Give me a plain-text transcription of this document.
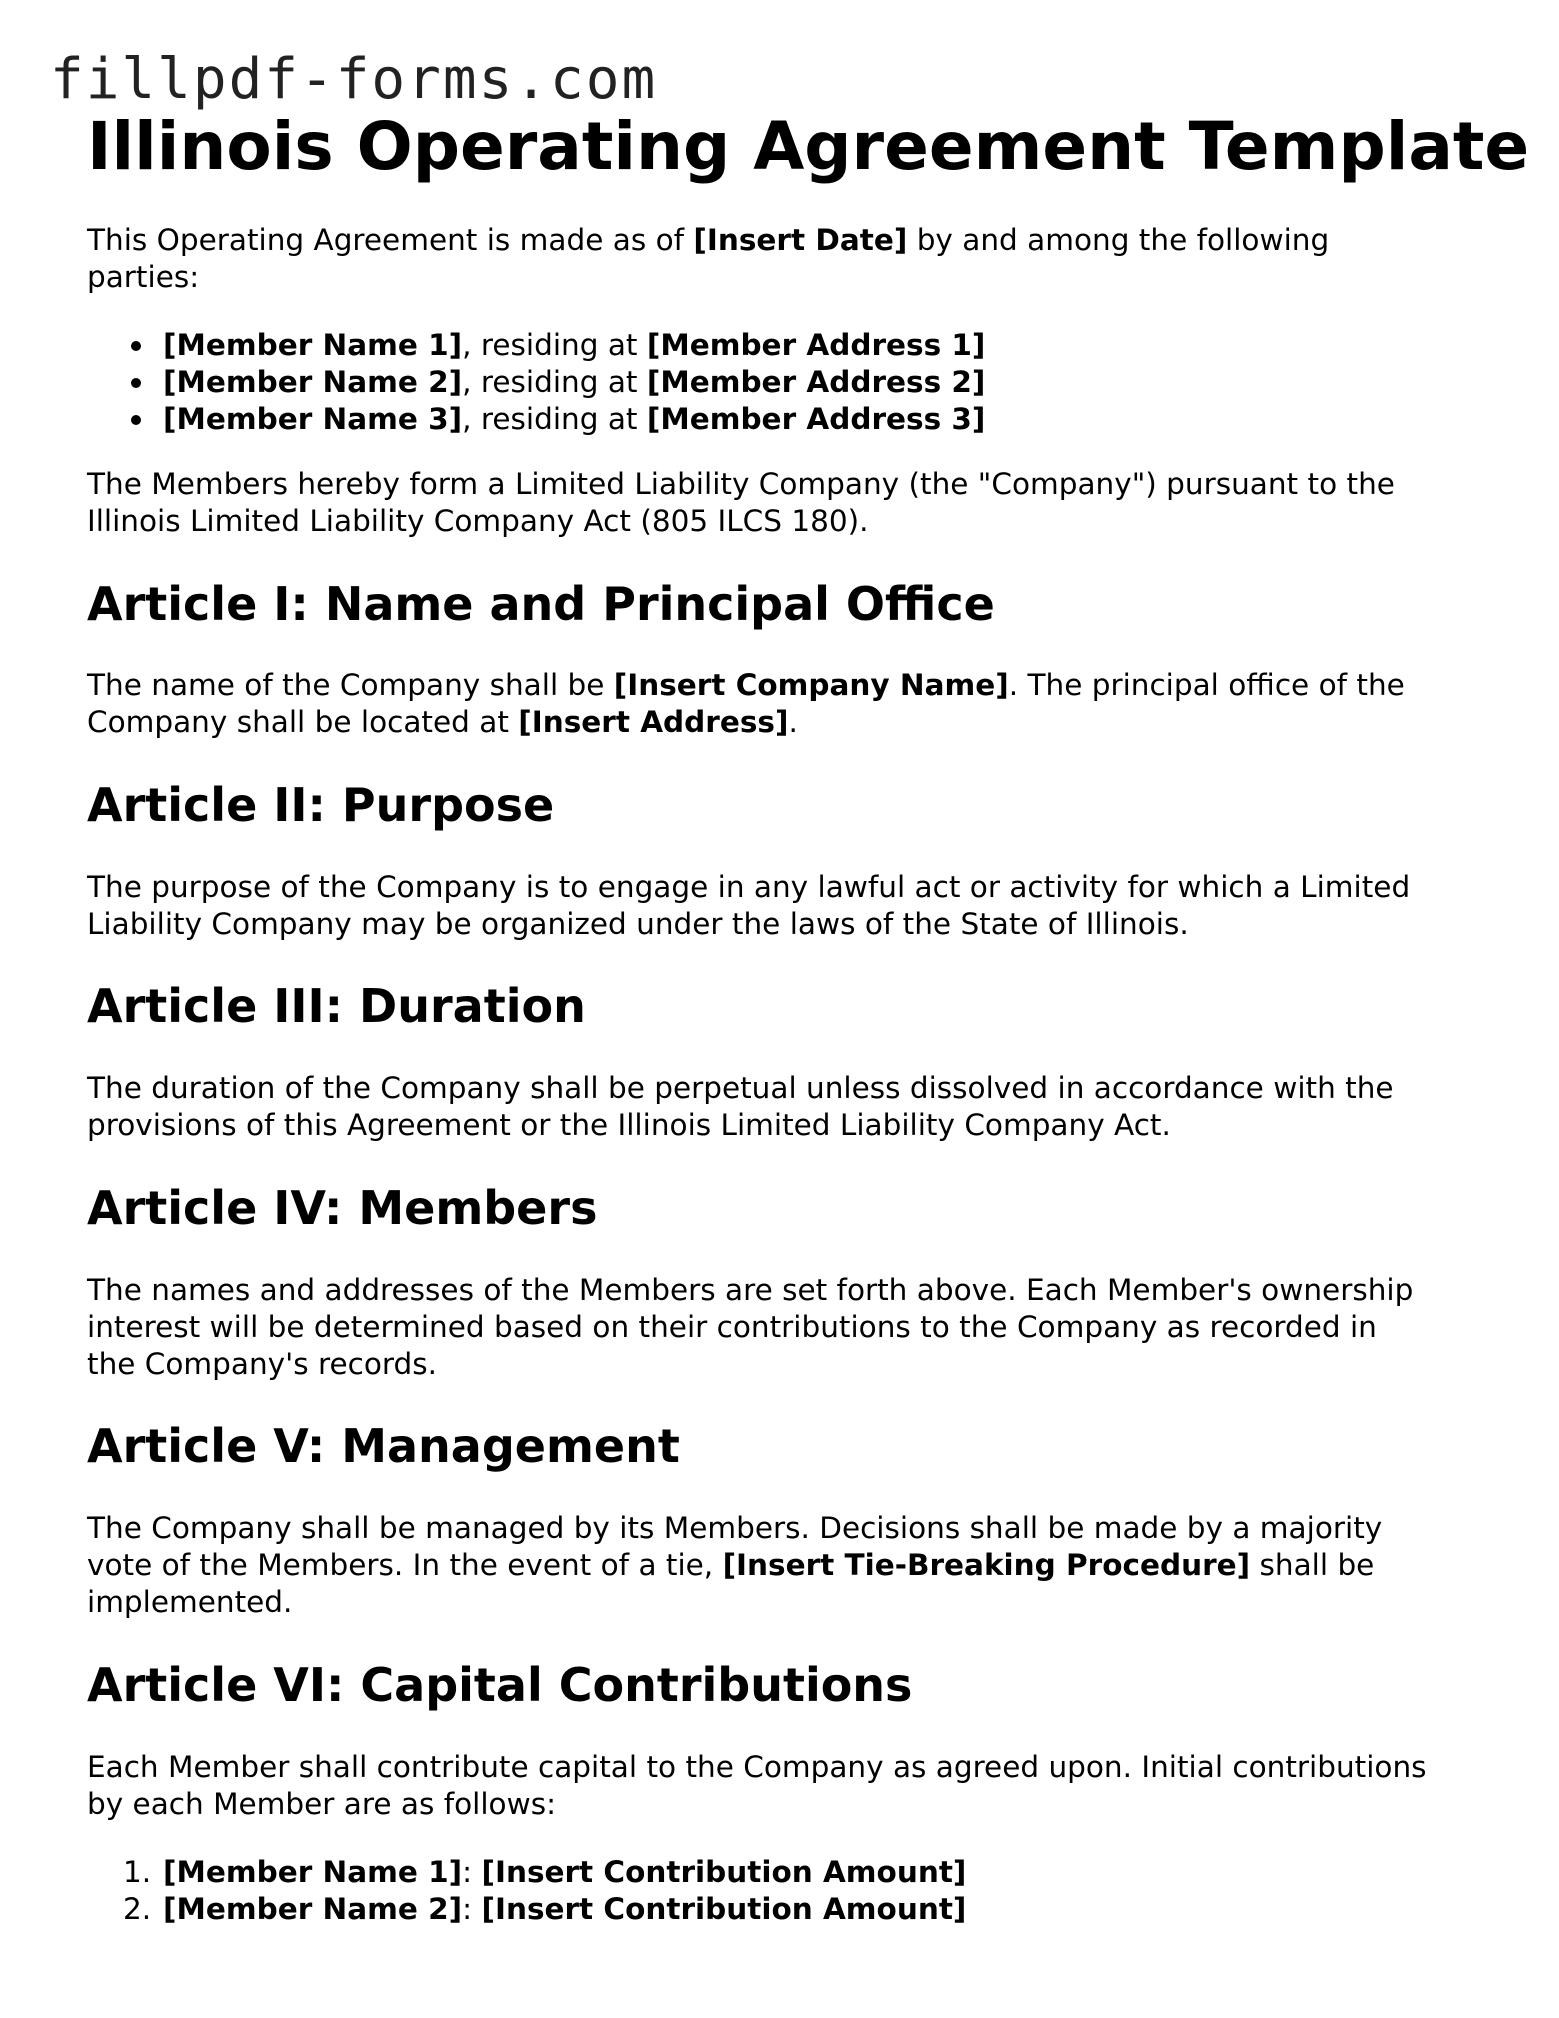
fillpdf-forms.com
Illinois Operating Agreement Template

This Operating Agreement is made as of [Insert Date] by and among the following
parties:

[Member Name 1], residing at [Member Address 1]
[Member Name 2], residing at [Member Address 2]
[Member Name 3], residing at [Member Address 3]

The Members hereby form a Limited Liability Company (the "Company") pursuant to the
Illinois Limited Liability Company Act (805 ILCS 180).

Article I: Name and Principal Office

The name of the Company shall be [Insert Company Name]. The principal office of the
Company shall be located at [Insert Address].

Article II: Purpose

The purpose of the Company is to engage in any lawful act or activity for which a Limited
Liability Company may be organized under the laws of the State of Illinois.

Article III: Duration

The duration of the Company shall be perpetual unless dissolved in accordance with the
provisions of this Agreement or the Illinois Limited Liability Company Act.

Article IV: Members

The names and addresses of the Members are set forth above. Each Member's ownership
interest will be determined based on their contributions to the Company as recorded in
the Company's records.

Article V: Management

The Company shall be managed by its Members. Decisions shall be made by a majority
vote of the Members. In the event of a tie, [Insert Tie-Breaking Procedure] shall be
implemented.

Article VI: Capital Contributions

Each Member shall contribute capital to the Company as agreed upon. Initial contributions
by each Member are as follows:

1. [Member Name 1]: [Insert Contribution Amount]
2. [Member Name 2]: [Insert Contribution Amount]
